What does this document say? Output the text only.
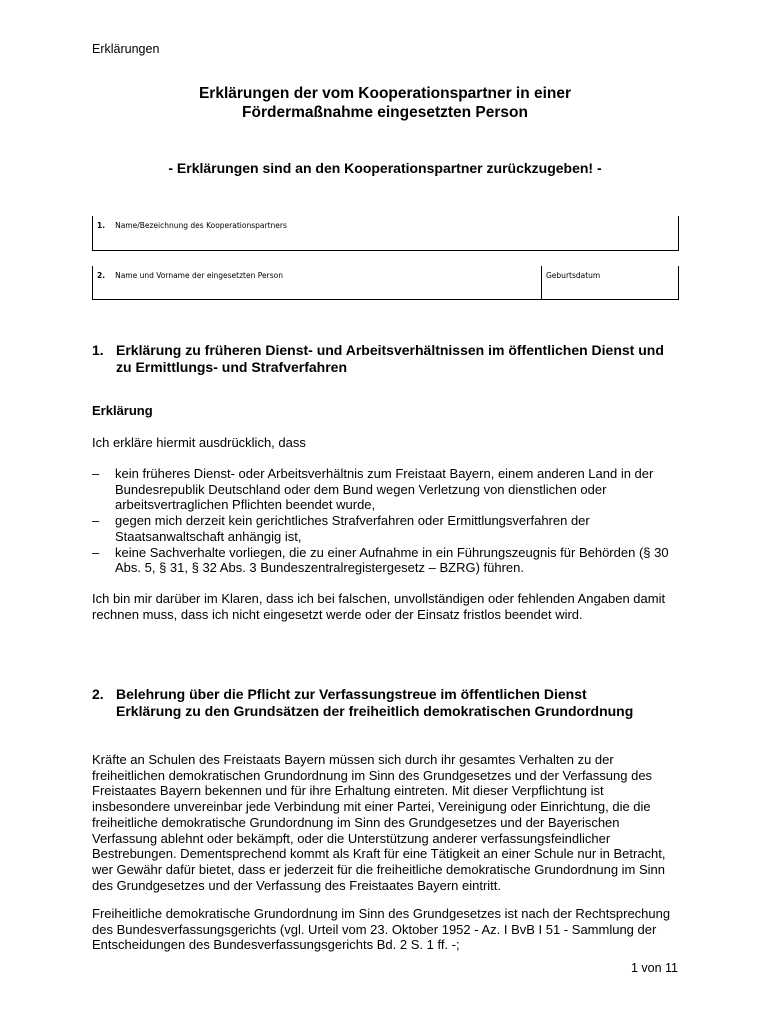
Erklärungen
Erklärungen der vom Kooperationspartner in einer
Fördermaßnahme eingesetzten Person
- Erklärungen sind an den Kooperationspartner zurückzugeben! -
1. Name/Bezeichnung des Kooperationspartners
2. Name und Vorname der eingesetzten Person	Geburtsdatum
1. Erklärung zu früheren Dienst- und Arbeitsverhältnissen im öffentlichen Dienst und zu Ermittlungs- und Strafverfahren
Erklärung
Ich erkläre hiermit ausdrücklich, dass
– kein früheres Dienst- oder Arbeitsverhältnis zum Freistaat Bayern, einem anderen Land in der Bundesrepublik Deutschland oder dem Bund wegen Verletzung von dienstlichen oder arbeitsvertraglichen Pflichten beendet wurde,
– gegen mich derzeit kein gerichtliches Strafverfahren oder Ermittlungsverfahren der Staatsanwaltschaft anhängig ist,
– keine Sachverhalte vorliegen, die zu einer Aufnahme in ein Führungszeugnis für Behörden (§ 30 Abs. 5, § 31, § 32 Abs. 3 Bundeszentralregistergesetz – BZRG) führen.
Ich bin mir darüber im Klaren, dass ich bei falschen, unvollständigen oder fehlenden Angaben damit rechnen muss, dass ich nicht eingesetzt werde oder der Einsatz fristlos beendet wird.
2. Belehrung über die Pflicht zur Verfassungstreue im öffentlichen Dienst Erklärung zu den Grundsätzen der freiheitlich demokratischen Grundordnung
Kräfte an Schulen des Freistaats Bayern müssen sich durch ihr gesamtes Verhalten zu der freiheitlichen demokratischen Grundordnung im Sinn des Grundgesetzes und der Verfassung des Freistaates Bayern bekennen und für ihre Erhaltung eintreten. Mit dieser Verpflichtung ist insbesondere unvereinbar jede Verbindung mit einer Partei, Vereinigung oder Einrichtung, die die freiheitliche demokratische Grundordnung im Sinn des Grundgesetzes und der Bayerischen Verfassung ablehnt oder bekämpft, oder die Unterstützung anderer verfassungsfeindlicher Bestrebungen. Dementsprechend kommt als Kraft für eine Tätigkeit an einer Schule nur in Betracht, wer Gewähr dafür bietet, dass er jederzeit für die freiheitliche demokratische Grundordnung im Sinn des Grundgesetzes und der Verfassung des Freistaates Bayern eintritt.
Freiheitliche demokratische Grundordnung im Sinn des Grundgesetzes ist nach der Rechtsprechung des Bundesverfassungsgerichts (vgl. Urteil vom 23. Oktober 1952 - Az. I BvB I 51 - Sammlung der Entscheidungen des Bundesverfassungsgerichts Bd. 2 S. 1 ff. -;
1 von 11
